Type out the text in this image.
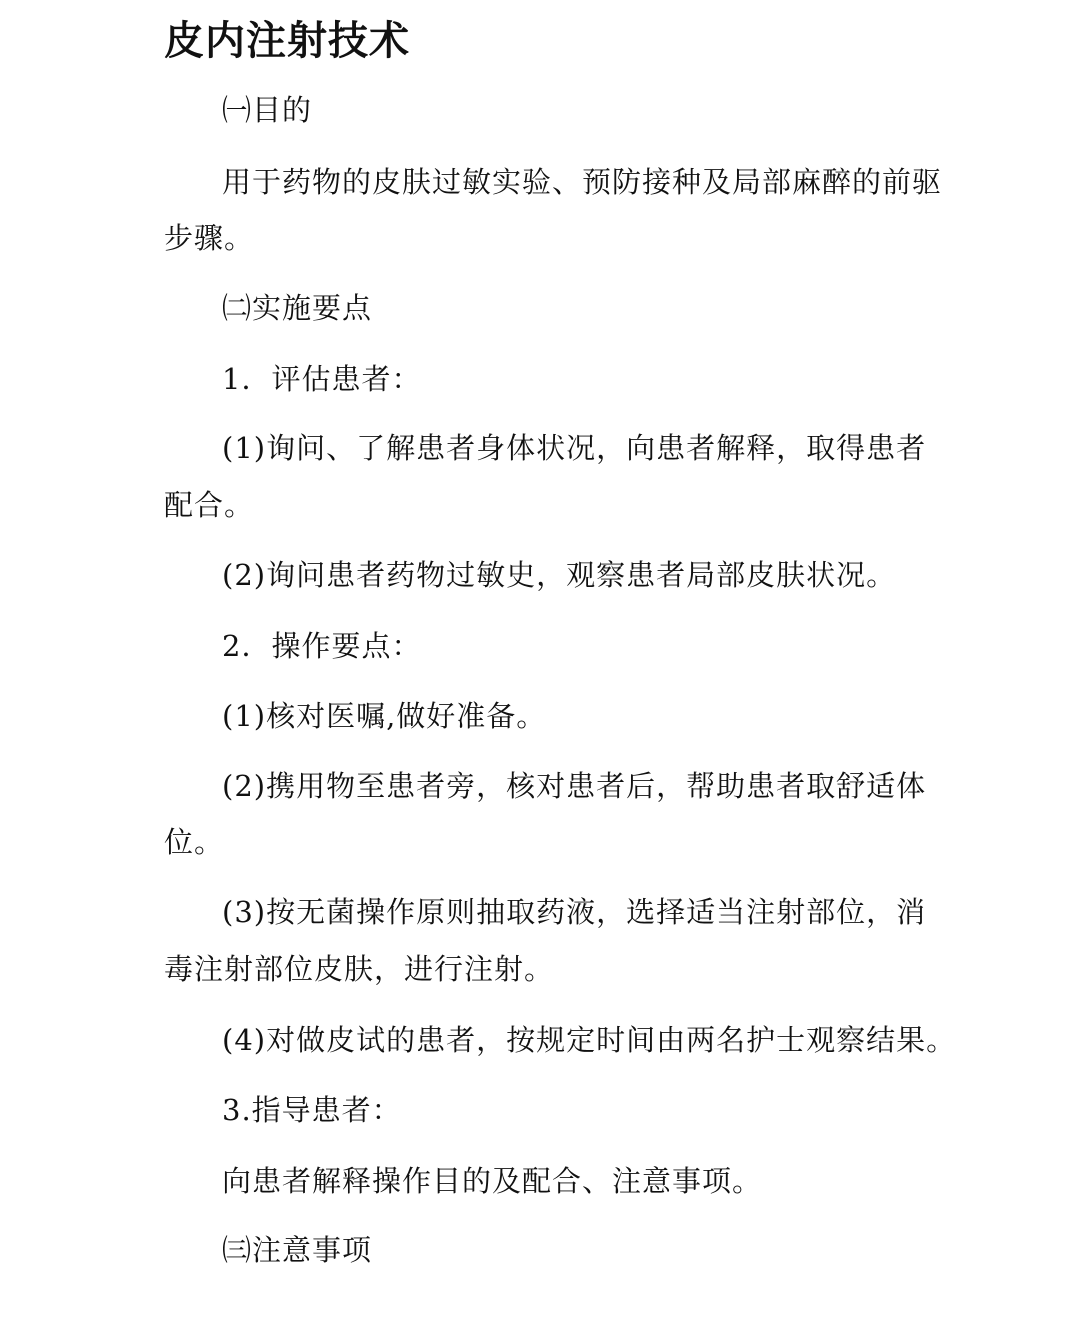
皮内注射技术

㈠目的

用于药物的皮肤过敏实验、预防接种及局部麻醉的前驱

步骤。

㈡实施要点

1．评估患者：

(1)询问、了解患者身体状况，向患者解释，取得患者

配合。

(2)询问患者药物过敏史，观察患者局部皮肤状况。

2．操作要点：

(1)核对医嘱,做好准备。

(2)携用物至患者旁，核对患者后，帮助患者取舒适体

位。

(3)按无菌操作原则抽取药液，选择适当注射部位，消

毒注射部位皮肤，进行注射。

(4)对做皮试的患者，按规定时间由两名护士观察结果。

3.指导患者：

向患者解释操作目的及配合、注意事项。

㈢注意事项
